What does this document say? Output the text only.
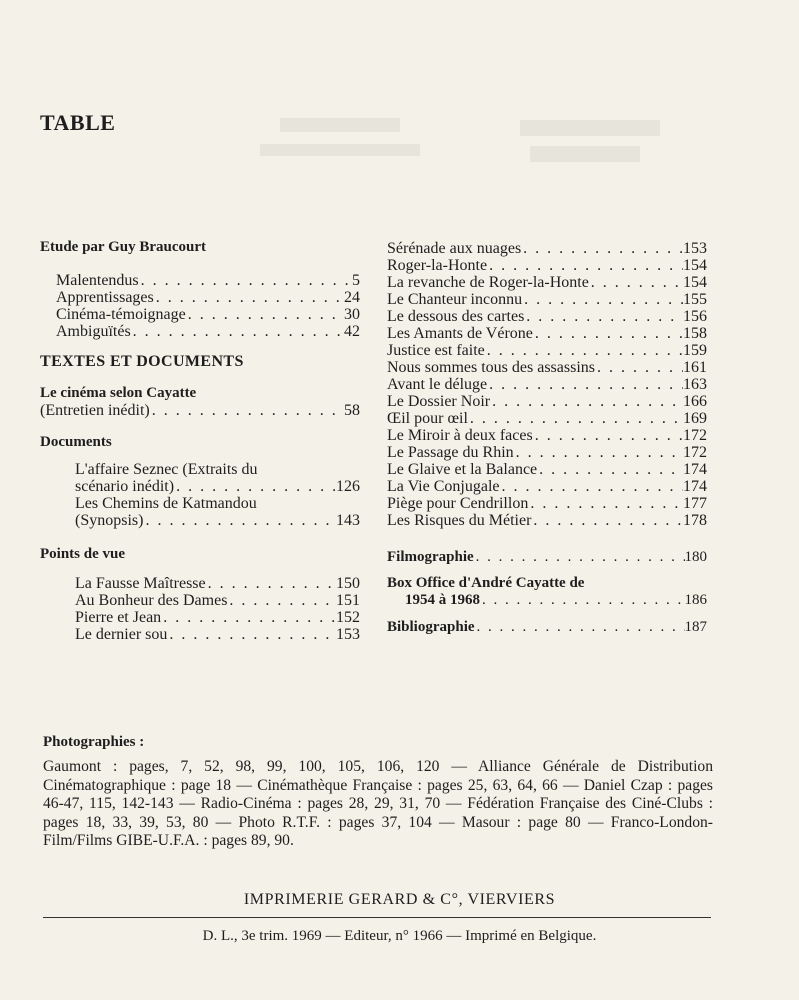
TABLE
Etude par Guy Braucourt
Malentendus . . .	5
Apprentissages . . .	24
Cinéma-témoignage . . .	30
Ambiguïtés . . .	42
TEXTES ET DOCUMENTS
Le cinéma selon Cayatte
(Entretien inédit) . . .	58
Documents
L'affaire Seznec (Extraits du
scénario inédit) . . .	126
Les Chemins de Katmandou
(Synopsis) . . .	143
Points de vue
La Fausse Maîtresse . . .	150
Au Bonheur des Dames . . .	151
Pierre et Jean . . .	152
Le dernier sou . . .	153
Sérénade aux nuages . . .	153
Roger-la-Honte . . .	154
La revanche de Roger-la-Honte . . .	154
Le Chanteur inconnu . . .	155
Le dessous des cartes . . .	156
Les Amants de Vérone . . .	158
Justice est faite . . .	159
Nous sommes tous des assassins . . .	161
Avant le déluge . . .	163
Le Dossier Noir . . .	166
Œil pour œil . . .	169
Le Miroir à deux faces . . .	172
Le Passage du Rhin . . .	172
Le Glaive et la Balance . . .	174
La Vie Conjugale . . .	174
Piège pour Cendrillon . . .	177
Les Risques du Métier . . .	178
Filmographie . . .	180
Box Office d'André Cayatte de
1954 à 1968 . . .	186
Bibliographie . . .	187
Photographies :
Gaumont : pages, 7, 52, 98, 99, 100, 105, 106, 120 — Alliance Générale de Distribution Cinématographique : page 18 — Cinémathèque Française : pages 25, 63, 64, 66 — Daniel Czap : pages 46-47, 115, 142-143 — Radio-Cinéma : pages 28, 29, 31, 70 — Fédération Française des Ciné-Clubs : pages 18, 33, 39, 53, 80 — Photo R.T.F. : pages 37, 104 — Masour : page 80 — Franco-London-Film/Films GIBE-U.F.A. : pages 89, 90.
IMPRIMERIE GERARD & C°, VIERVIERS
D. L., 3e trim. 1969 — Editeur, n° 1966 — Imprimé en Belgique.
